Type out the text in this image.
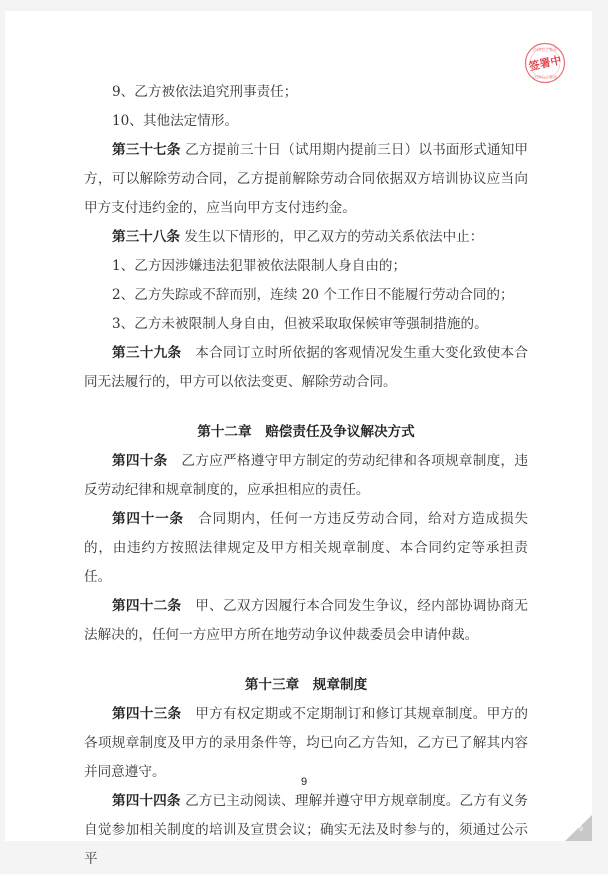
法律电子签章
法律电子签章
签署中

9、乙方被依法追究刑事责任；

10、其他法定情形。

第三十七条 乙方提前三十日（试用期内提前三日）以书面形式通知甲方，可以解除劳动合同，乙方提前解除劳动合同依据双方培训协议应当向甲方支付违约金的，应当向甲方支付违约金。

第三十八条 发生以下情形的，甲乙双方的劳动关系依法中止：

1、乙方因涉嫌违法犯罪被依法限制人身自由的；

2、乙方失踪或不辞而别，连续 20 个工作日不能履行劳动合同的；

3、乙方未被限制人身自由，但被采取取保候审等强制措施的。

第三十九条　本合同订立时所依据的客观情况发生重大变化致使本合同无法履行的，甲方可以依法变更、解除劳动合同。

第十二章　赔偿责任及争议解决方式

第四十条　乙方应严格遵守甲方制定的劳动纪律和各项规章制度，违反劳动纪律和规章制度的，应承担相应的责任。

第四十一条　合同期内，任何一方违反劳动合同，给对方造成损失的，由违约方按照法律规定及甲方相关规章制度、本合同约定等承担责任。

第四十二条　甲、乙双方因履行本合同发生争议，经内部协调协商无法解决的，任何一方应甲方所在地劳动争议仲裁委员会申请仲裁。

第十三章　规章制度

第四十三条　甲方有权定期或不定期制订和修订其规章制度。甲方的各项规章制度及甲方的录用条件等，均已向乙方告知，乙方已了解其内容并同意遵守。

第四十四条 乙方已主动阅读、理解并遵守甲方规章制度。乙方有义务自觉参加相关制度的培训及宣贯会议；确实无法及时参与的，须通过公示平

9
9
